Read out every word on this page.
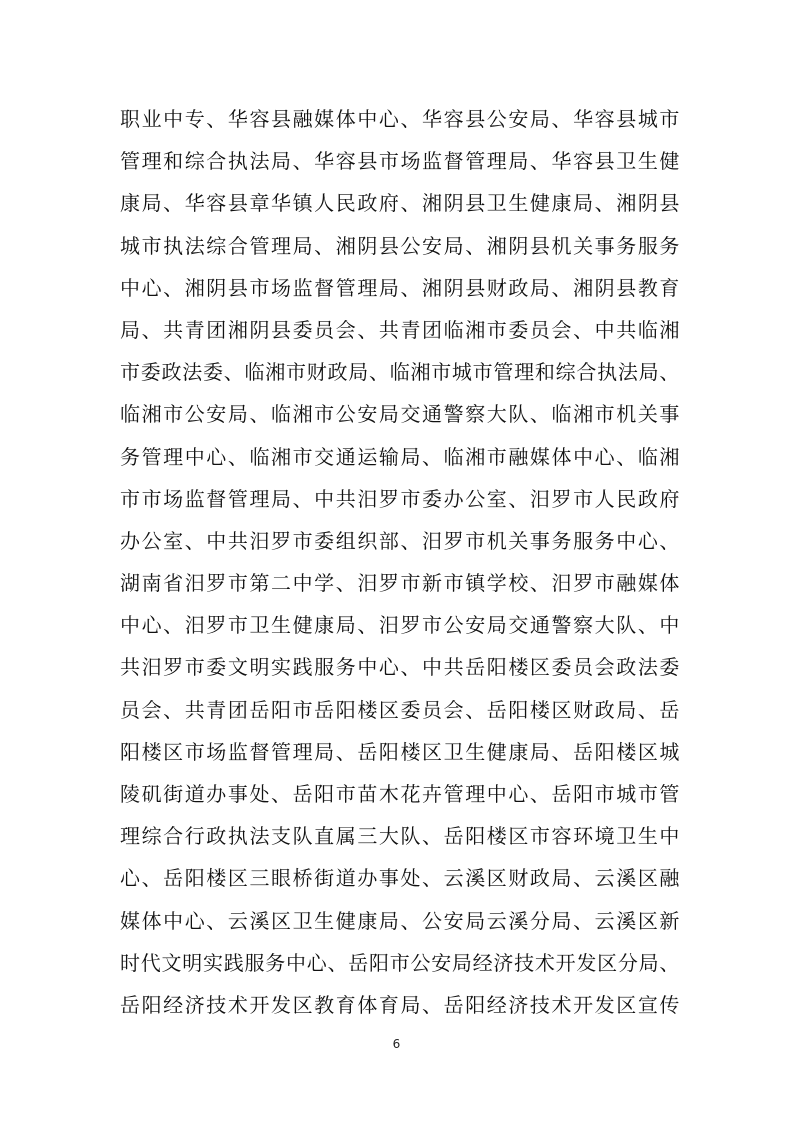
职业中专、华容县融媒体中心、华容县公安局、华容县城市
管理和综合执法局、华容县市场监督管理局、华容县卫生健
康局、华容县章华镇人民政府、湘阴县卫生健康局、湘阴县
城市执法综合管理局、湘阴县公安局、湘阴县机关事务服务
中心、湘阴县市场监督管理局、湘阴县财政局、湘阴县教育
局、共青团湘阴县委员会、共青团临湘市委员会、中共临湘
市委政法委、临湘市财政局、临湘市城市管理和综合执法局、
临湘市公安局、临湘市公安局交通警察大队、临湘市机关事
务管理中心、临湘市交通运输局、临湘市融媒体中心、临湘
市市场监督管理局、中共汨罗市委办公室、汨罗市人民政府
办公室、中共汨罗市委组织部、汨罗市机关事务服务中心、
湖南省汨罗市第二中学、汨罗市新市镇学校、汨罗市融媒体
中心、汨罗市卫生健康局、汨罗市公安局交通警察大队、中
共汨罗市委文明实践服务中心、中共岳阳楼区委员会政法委
员会、共青团岳阳市岳阳楼区委员会、岳阳楼区财政局、岳
阳楼区市场监督管理局、岳阳楼区卫生健康局、岳阳楼区城
陵矶街道办事处、岳阳市苗木花卉管理中心、岳阳市城市管
理综合行政执法支队直属三大队、岳阳楼区市容环境卫生中
心、岳阳楼区三眼桥街道办事处、云溪区财政局、云溪区融
媒体中心、云溪区卫生健康局、公安局云溪分局、云溪区新
时代文明实践服务中心、岳阳市公安局经济技术开发区分局、
岳阳经济技术开发区教育体育局、岳阳经济技术开发区宣传
6
